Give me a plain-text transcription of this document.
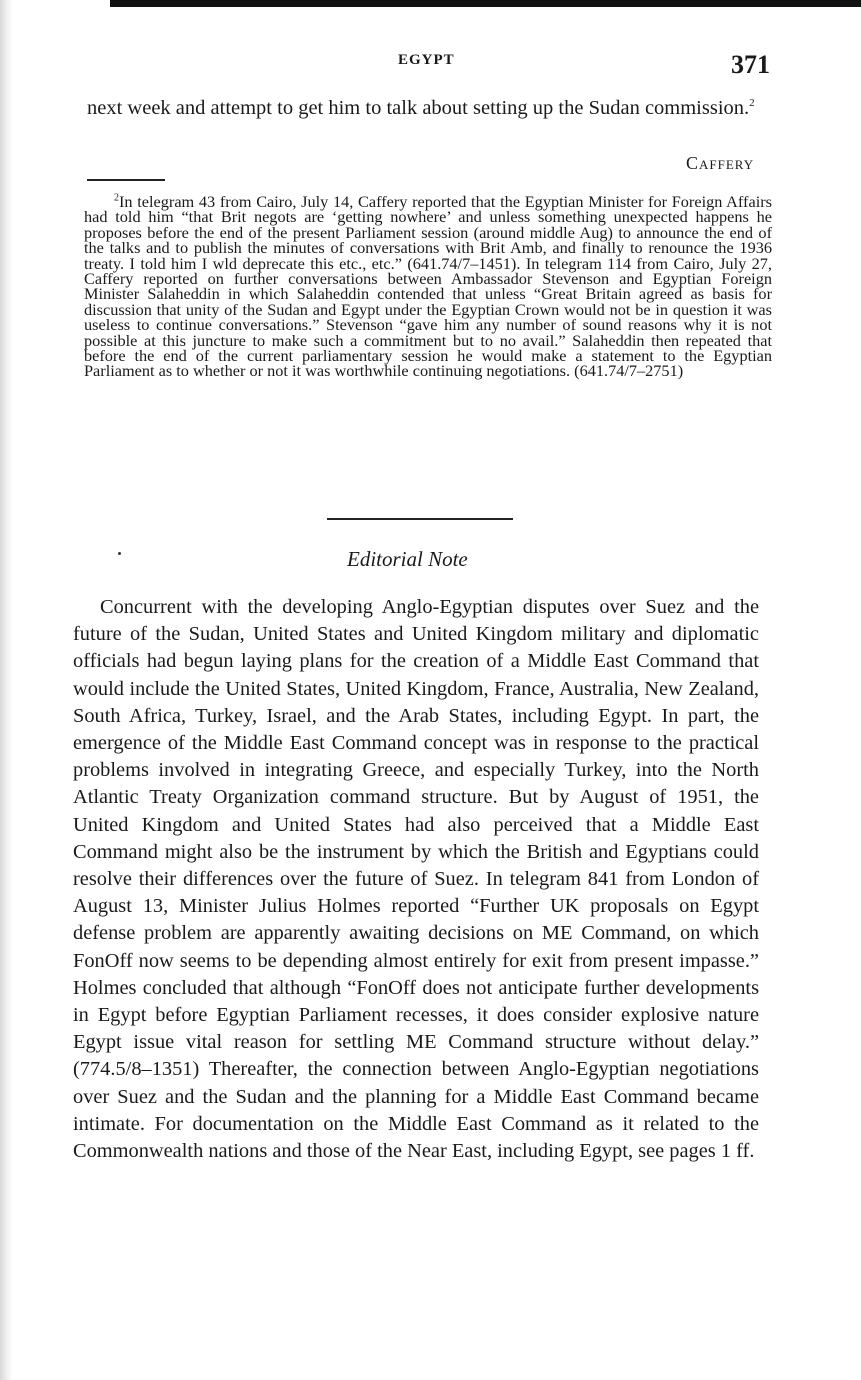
EGYPT	371
next week and attempt to get him to talk about setting up the Sudan commission.$^2$
Caffery
$^2$In telegram 43 from Cairo, July 14, Caffery reported that the Egyptian Minister for Foreign Affairs had told him “that Brit negots are ‘getting nowhere’ and unless something unexpected happens he proposes before the end of the present Parliament session (around middle Aug) to announce the end of the talks and to publish the minutes of conversations with Brit Amb, and finally to renounce the 1936 treaty. I told him I wld deprecate this etc., etc.” (641.74/7–1451). In telegram 114 from Cairo, July 27, Caffery reported on further conversations between Ambassador Stevenson and Egyptian Foreign Minister Salaheddin in which Salaheddin contended that unless “Great Britain agreed as basis for discussion that unity of the Sudan and Egypt under the Egyptian Crown would not be in question it was useless to continue conversations.” Stevenson “gave him any number of sound reasons why it is not possible at this juncture to make such a commitment but to no avail.” Salaheddin then repeated that before the end of the current parliamentary session he would make a statement to the Egyptian Parliament as to whether or not it was worthwhile continuing negotiations. (641.74/7–2751)
Editorial Note
Concurrent with the developing Anglo-Egyptian disputes over Suez and the future of the Sudan, United States and United Kingdom military and diplomatic officials had begun laying plans for the creation of a Middle East Command that would include the United States, United Kingdom, France, Australia, New Zealand, South Africa, Turkey, Israel, and the Arab States, including Egypt. In part, the emergence of the Middle East Command concept was in response to the practical problems involved in integrating Greece, and especially Turkey, into the North Atlantic Treaty Organization command structure. But by August of 1951, the United Kingdom and United States had also perceived that a Middle East Command might also be the instrument by which the British and Egyptians could resolve their differences over the future of Suez. In telegram 841 from London of August 13, Minister Julius Holmes reported “Further UK proposals on Egypt defense problem are apparently awaiting decisions on ME Command, on which FonOff now seems to be depending almost entirely for exit from present impasse.” Holmes concluded that although “FonOff does not anticipate further developments in Egypt before Egyptian Parliament recesses, it does consider explosive nature Egypt issue vital reason for settling ME Command structure without delay.” (774.5/8–1351) Thereafter, the connection between Anglo-Egyptian negotiations over Suez and the Sudan and the planning for a Middle East Command became intimate. For documentation on the Middle East Command as it related to the Commonwealth nations and those of the Near East, including Egypt, see pages 1 ff.
